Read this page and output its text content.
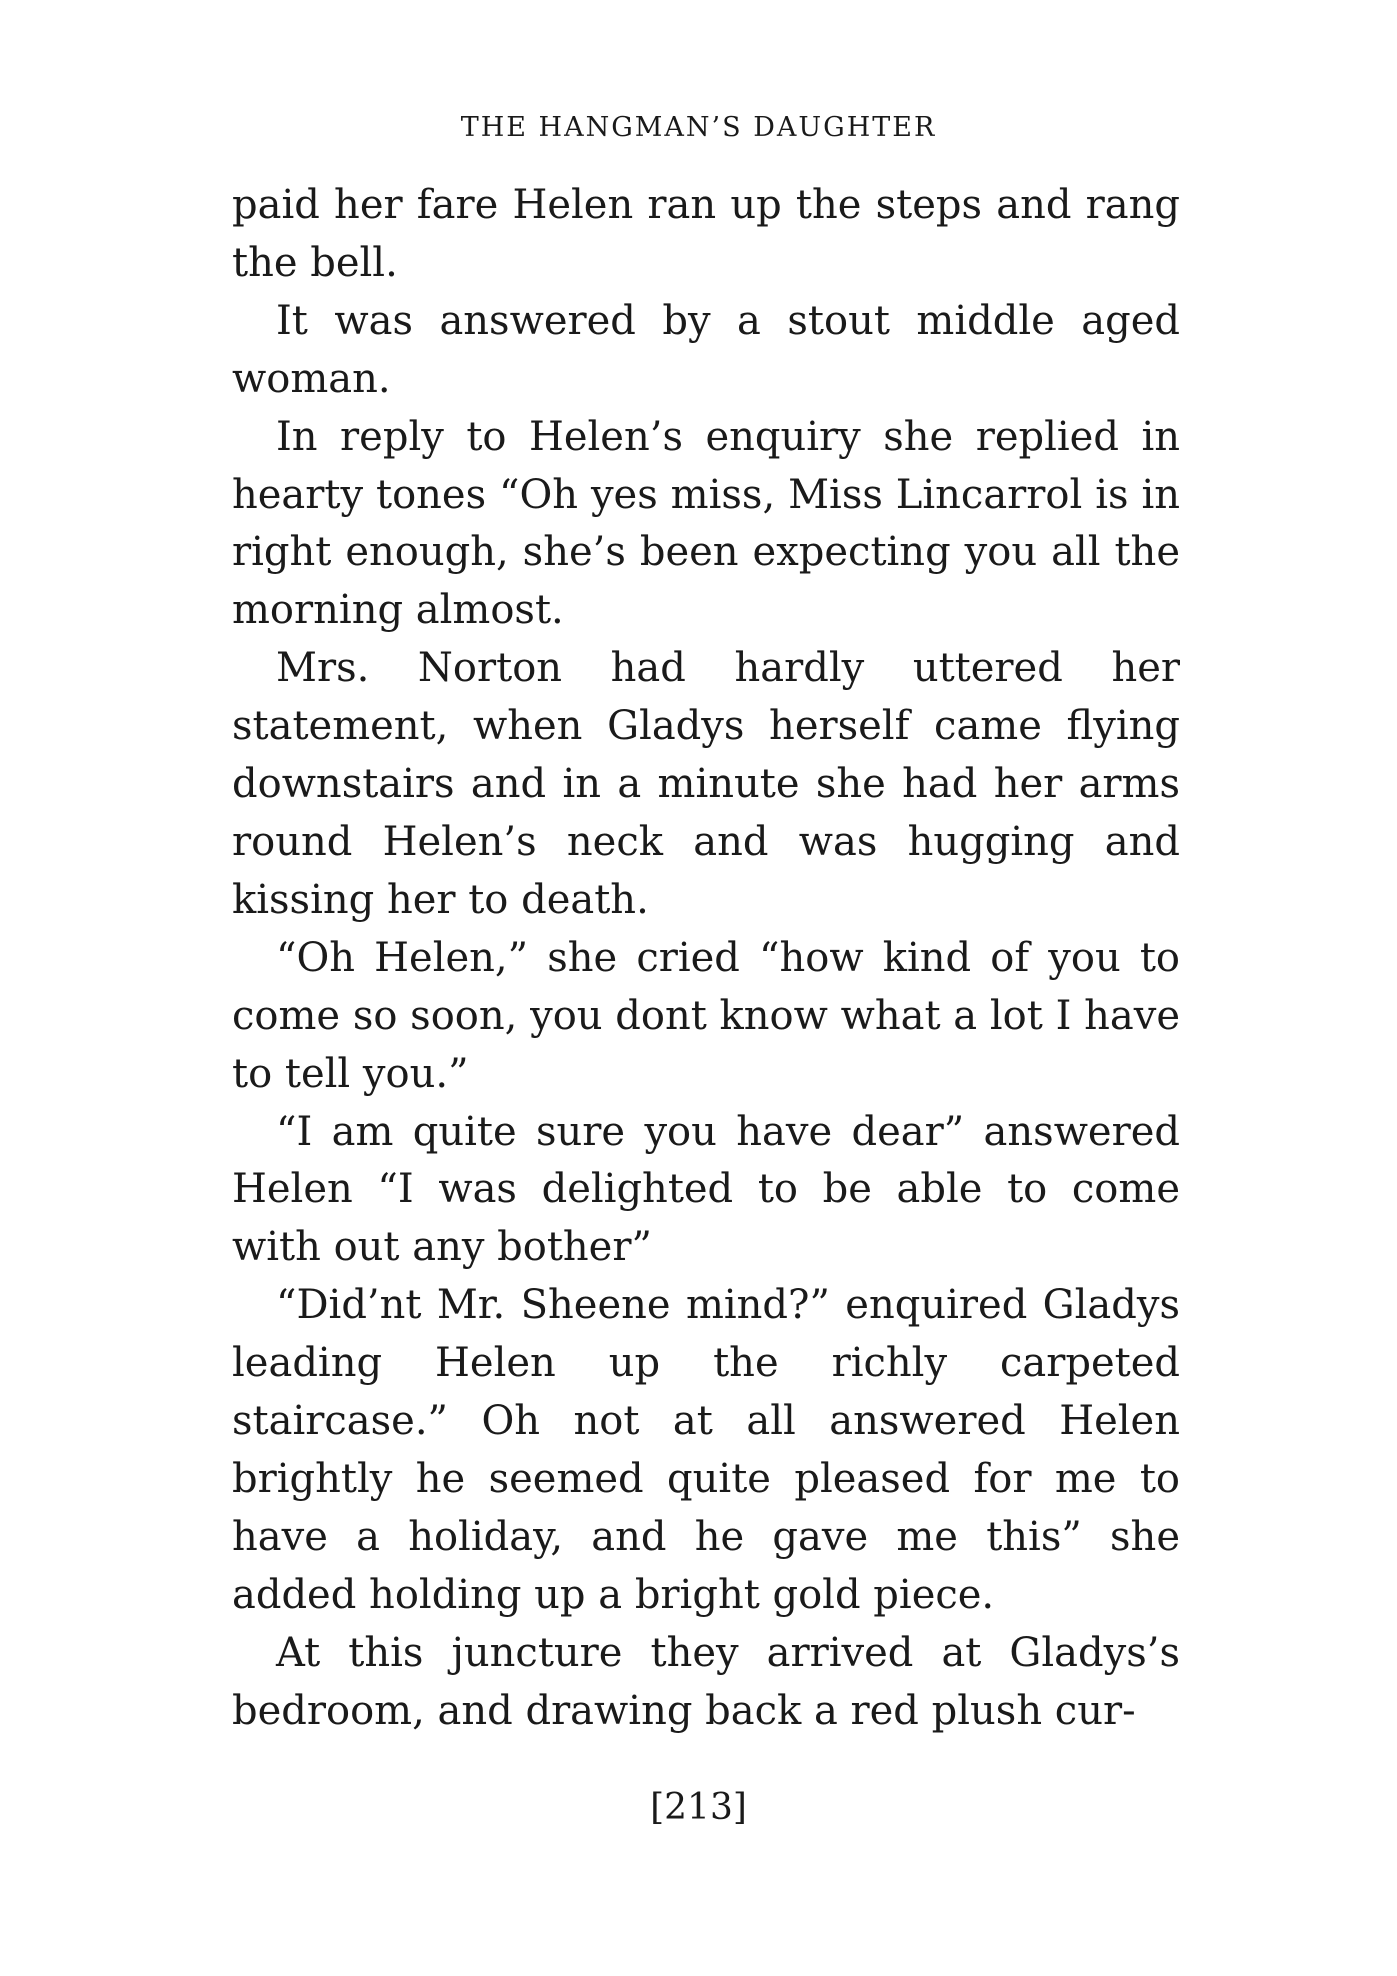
THE HANGMAN’S DAUGHTER

paid her fare Helen ran up the steps and rang the bell.

It was answered by a stout middle aged woman.

In reply to Helen’s enquiry she replied in hearty tones “Oh yes miss, Miss Lincarrol is in right enough, she’s been expecting you all the morning almost.

Mrs. Norton had hardly uttered her statement, when Gladys herself came flying downstairs and in a minute she had her arms round Helen’s neck and was hugging and kissing her to death.

“Oh Helen,” she cried “how kind of you to come so soon, you dont know what a lot I have to tell you.”

“I am quite sure you have dear” answered Helen “I was delighted to be able to come with out any bother”

“Did’nt Mr. Sheene mind?” enquired Gladys leading Helen up the richly carpeted staircase.” Oh not at all answered Helen brightly he seemed quite pleased for me to have a holiday, and he gave me this” she added holding up a bright gold piece.

At this juncture they arrived at Gladys’s bedroom, and drawing back a red plush cur-

[213]
